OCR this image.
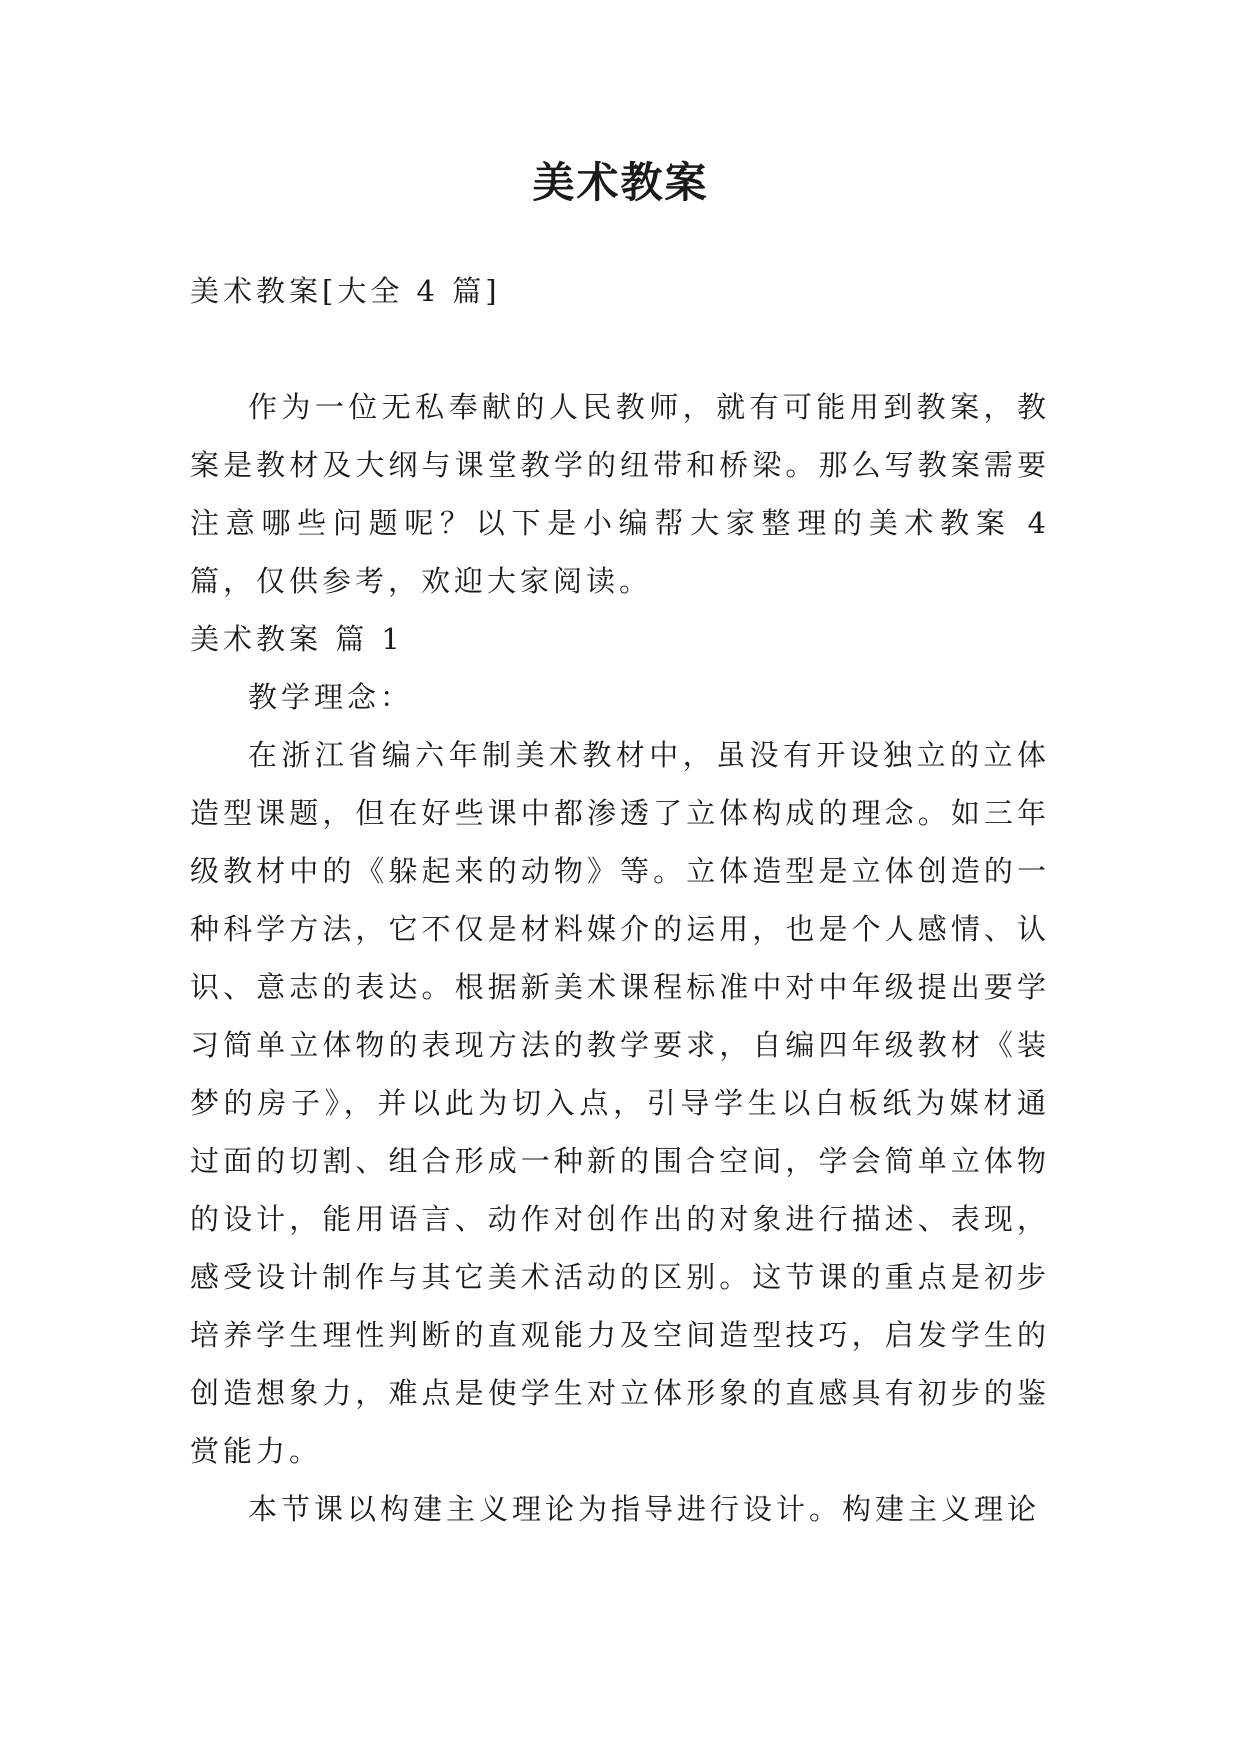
美术教案

美术教案[大全 4 篇]

作为一位无私奉献的人民教师，就有可能用到教案，教案是教材及大纲与课堂教学的纽带和桥梁。那么写教案需要注意哪些问题呢？以下是小编帮大家整理的美术教案 4 篇，仅供参考，欢迎大家阅读。

美术教案 篇 1

教学理念：

在浙江省编六年制美术教材中，虽没有开设独立的立体造型课题，但在好些课中都渗透了立体构成的理念。如三年级教材中的《躲起来的动物》等。立体造型是立体创造的一种科学方法，它不仅是材料媒介的运用，也是个人感情、认识、意志的表达。根据新美术课程标准中对中年级提出要学习简单立体物的表现方法的教学要求，自编四年级教材《装梦的房子》，并以此为切入点，引导学生以白板纸为媒材通过面的切割、组合形成一种新的围合空间，学会简单立体物的设计，能用语言、动作对创作出的对象进行描述、表现，感受设计制作与其它美术活动的区别。这节课的重点是初步培养学生理性判断的直观能力及空间造型技巧，启发学生的创造想象力，难点是使学生对立体形象的直感具有初步的鉴赏能力。

本节课以构建主义理论为指导进行设计。构建主义理论
